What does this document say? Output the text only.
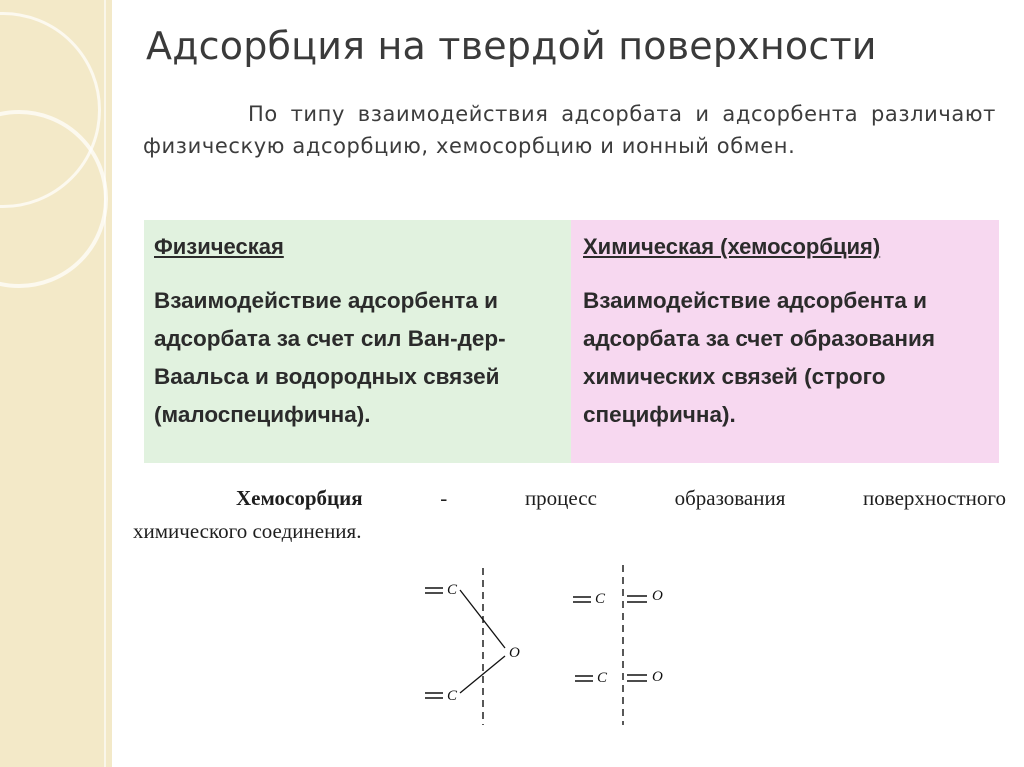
Адсорбция на твердой поверхности
По типу взаимодействия адсорбата и адсорбента различают физическую адсорбцию, хемосорбцию и ионный обмен.
Физическая
Взаимодействие адсорбента и адсорбата за счет сил Ван-дер-Ваальса и водородных связей (малоспецифична).
Химическая (хемосорбция)
Взаимодействие адсорбента и адсорбата за счет образования химических связей (строго специфична).
Хемосорбция - процесс образования поверхностного
химического соединения.
C
O
C
C	O
C	O
